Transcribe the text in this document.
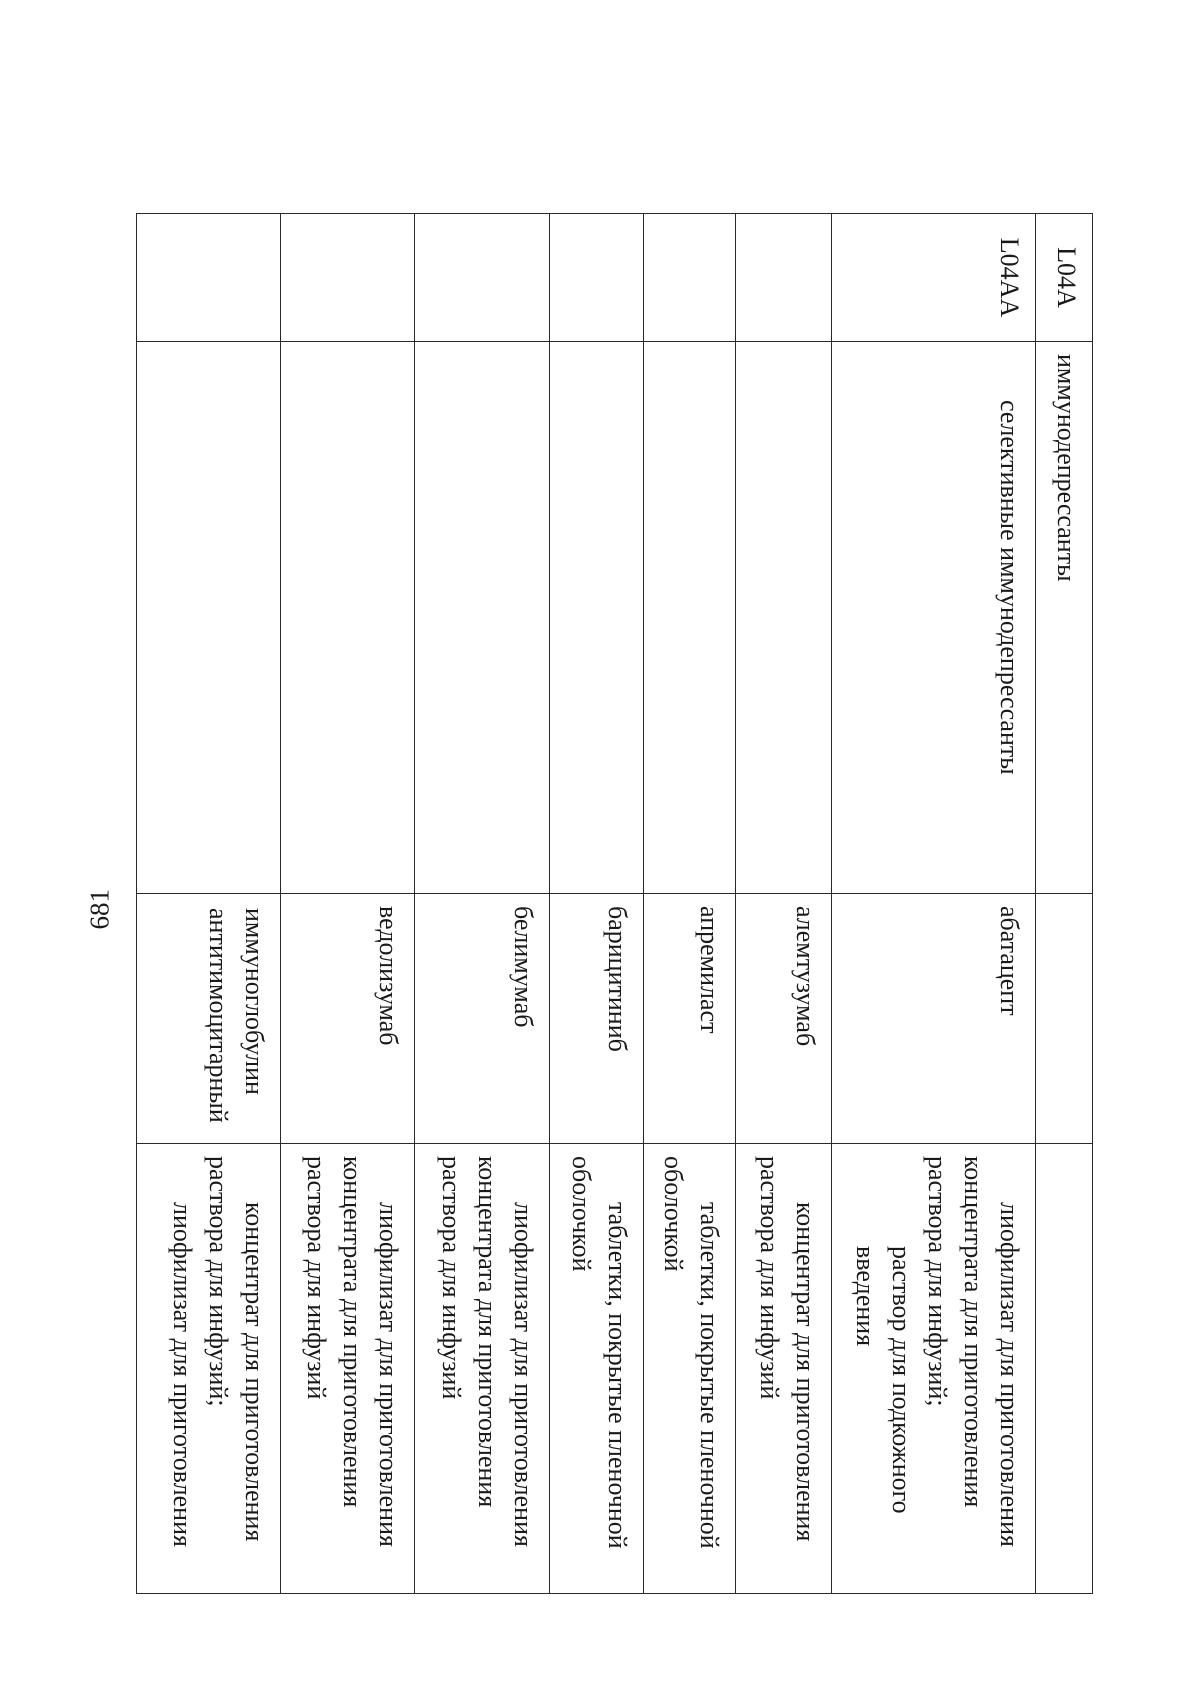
681
L04A	иммунодепрессанты		
L04AA	селективные иммунодепрессанты	абатацепт	лиофилизат для приготовления концентрата для приготовления раствора для инфузий;
раствор для подкожного введения

		алемтузумаб	концентрат для приготовления раствора для инфузий

		апремиласт	таблетки, покрытые пленочной оболочкой

		барицитиниб	таблетки, покрытые пленочной оболочкой

		белимумаб	лиофилизат для приготовления концентрата для приготовления раствора для инфузий

		ведолизумаб	лиофилизат для приготовления концентрата для приготовления раствора для инфузий

		иммуноглобулин антитимоцитарный	концентрат для приготовления раствора для инфузий;
лиофилизат для приготовления
